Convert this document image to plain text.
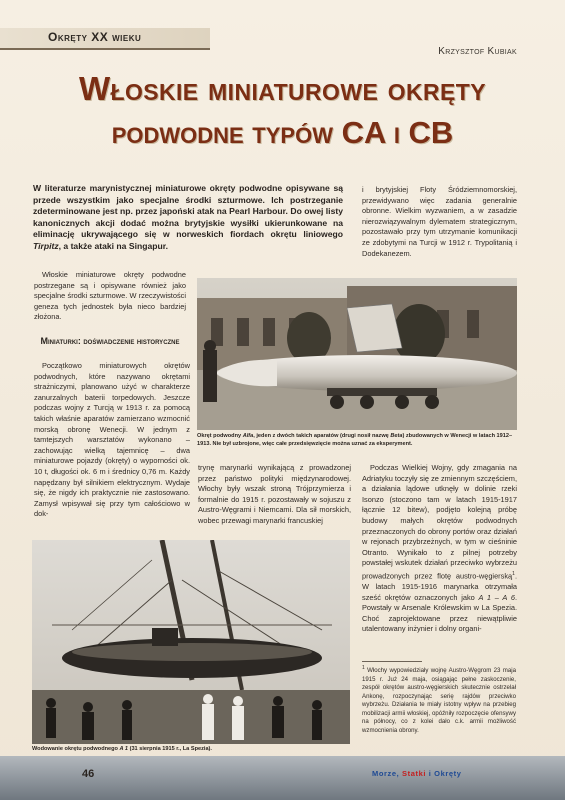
Okręty XX wieku
Krzysztof Kubiak
Włoskie miniaturowe okręty
podwodne typów CA i CB
W literaturze marynistycznej miniaturowe okręty podwodne opisywane są przede wszystkim jako specjalne środki szturmowe. Ich postrzeganie zdeterminowane jest np. przez japoński atak na Pearl Harbour. Do owej listy kanonicznych akcji dodać można brytyjskie wysiłki ukierunkowane na eliminację ukrywającego się w norweskich fiordach okrętu liniowego Tirpitz, a także ataki na Singapur.
Włoskie miniaturowe okręty podwodne postrzegane są i opisywane również jako specjalne środki szturmowe. W rzeczywistości geneza tych jednostek była nieco bardziej złożona.
Miniaturki: doświadczenie historyczne
Początkowo miniaturowych okrętów podwodnych, które nazywano okrętami strażniczymi, planowano użyć w charakterze zanurzalnych baterii torpedowych. Jeszcze podczas wojny z Turcją w 1913 r. za pomocą takich właśnie aparatów zamierzano wzmocnić morską obronę Wenecji. W jednym z tamtejszych warsztatów wykonano – zachowując wielką tajemnicę – dwa miniaturowe pojazdy (okręty) o wyporności ok. 10 t, długości ok. 6 m i średnicy 0,76 m. Każdy napędzany był silnikiem elektrycznym. Wydaje się, że nigdy ich praktycznie nie zastosowano. Zamysł wpisywał się przy tym całościowo w dok-
trynę marynarki wynikającą z prowadzonej przez państwo polityki międzynarodowej. Włochy były wszak stroną Trójprzymierza i formalnie do 1915 r. pozostawały w sojuszu z Austro-Węgrami i Niemcami. Dla sił morskich, wobec przewagi marynarki francuskiej
i brytyjskiej Floty Śródziemnomorskiej, przewidywano więc zadania generalnie obronne. Wielkim wyzwaniem, a w zasadzie nierozwiązywalnym dylematem strategicznym, pozostawało przy tym utrzymanie komunikacji ze zdobytymi na Turcji w 1912 r. Trypolitanią i Dodekanezem.
Podczas Wielkiej Wojny, gdy zmagania na Adriatyku toczyły się ze zmiennym szczęściem, a działania lądowe utknęły w dolinie rzeki Isonzo (stoczono tam w latach 1915-1917 łącznie 12 bitew), podjęto kolejną próbę budowy małych okrętów podwodnych przeznaczonych do obrony portów oraz działań w rejonach przybrzeżnych, w tym w cieśninie Otranto. Wynikało to z pilnej potrzeby powstałej wskutek działań przeciwko wybrzeżu prowadzonych przez flotę austro-węgierską$^1$. W latach 1915-1916 marynarka otrzymała sześć okrętów oznaczonych jako A 1 – A 6. Powstały w Arsenale Królewskim w La Spezia. Choć zaprojektowane przez niewątpliwie utalentowany inżynier i dolny organi-
Okręt podwodny Alfa, jeden z dwóch takich aparatów (drugi nosił nazwę Beta) zbudowanych w Wenecji w latach 1912–1913. Nie był uzbrojone, więc całe przedsięwzięcie można uznać za eksperyment.
Wodowanie okrętu podwodnego A 1 (31 sierpnia 1915 r., La Spezia).
$^1$ Włochy wypowiedziały wojnę Austro-Węgrom 23 maja 1915 r. Już 24 maja, osiągając pełne zaskoczenie, zespół okrętów austro-węgierskich skutecznie ostrzelał Ankonę, rozpoczynając serię rajdów przeciwko wybrzeżu. Działania te miały istotny wpływ na przebieg mobilizacji armii włoskiej, opóźniły rozpoczęcie ofensywy na północy, co z kolei dało c.k. armii możliwość wzmocnienia obrony.
46	Morze, Statki i Okręty
